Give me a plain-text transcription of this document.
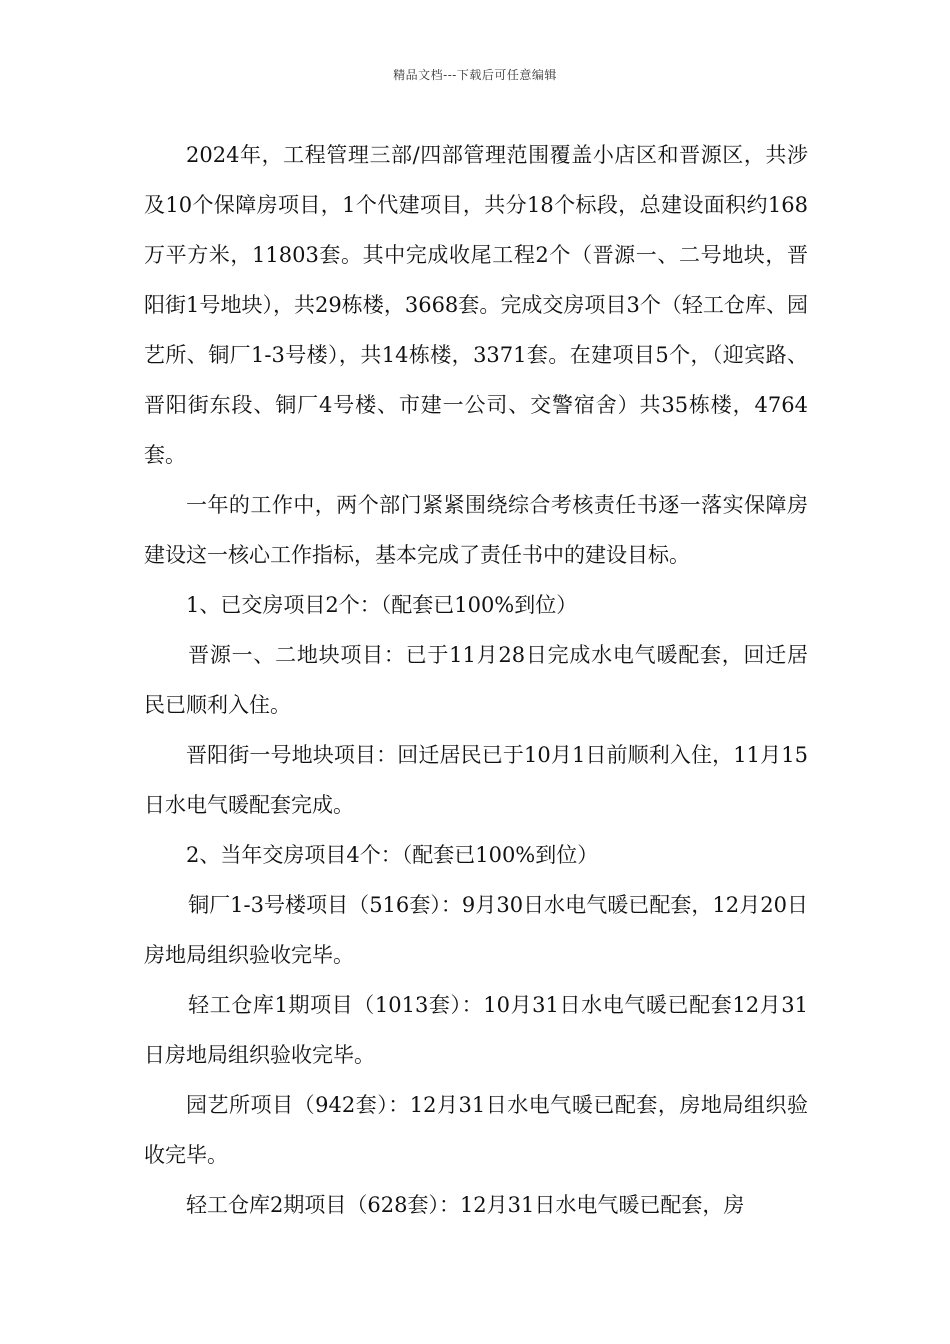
精品文档---下载后可任意编辑

2024年，工程管理三部/四部管理范围覆盖小店区和晋源区，共涉及10个保障房项目，1个代建项目，共分18个标段，总建设面积约168万平方米，11803套。其中完成收尾工程2个（晋源一、二号地块，晋阳街1号地块），共29栋楼，3668套。完成交房项目3个（轻工仓库、园艺所、铜厂1-3号楼），共14栋楼，3371套。在建项目5个，（迎宾路、晋阳街东段、铜厂4号楼、市建一公司、交警宿舍）共35栋楼，4764套。

一年的工作中，两个部门紧紧围绕综合考核责任书逐一落实保障房建设这一核心工作指标，基本完成了责任书中的建设目标。

1、已交房项目2个：（配套已100%到位）

晋源一、二地块项目：已于11月28日完成水电气暖配套，回迁居民已顺利入住。

晋阳街一号地块项目：回迁居民已于10月1日前顺利入住，11月15日水电气暖配套完成。

2、当年交房项目4个：（配套已100%到位）

铜厂1-3号楼项目（516套）：9月30日水电气暖已配套，12月20日房地局组织验收完毕。

轻工仓库1期项目（1013套）：10月31日水电气暖已配套12月31日房地局组织验收完毕。

园艺所项目（942套）：12月31日水电气暖已配套，房地局组织验收完毕。

轻工仓库2期项目（628套）：12月31日水电气暖已配套，房
